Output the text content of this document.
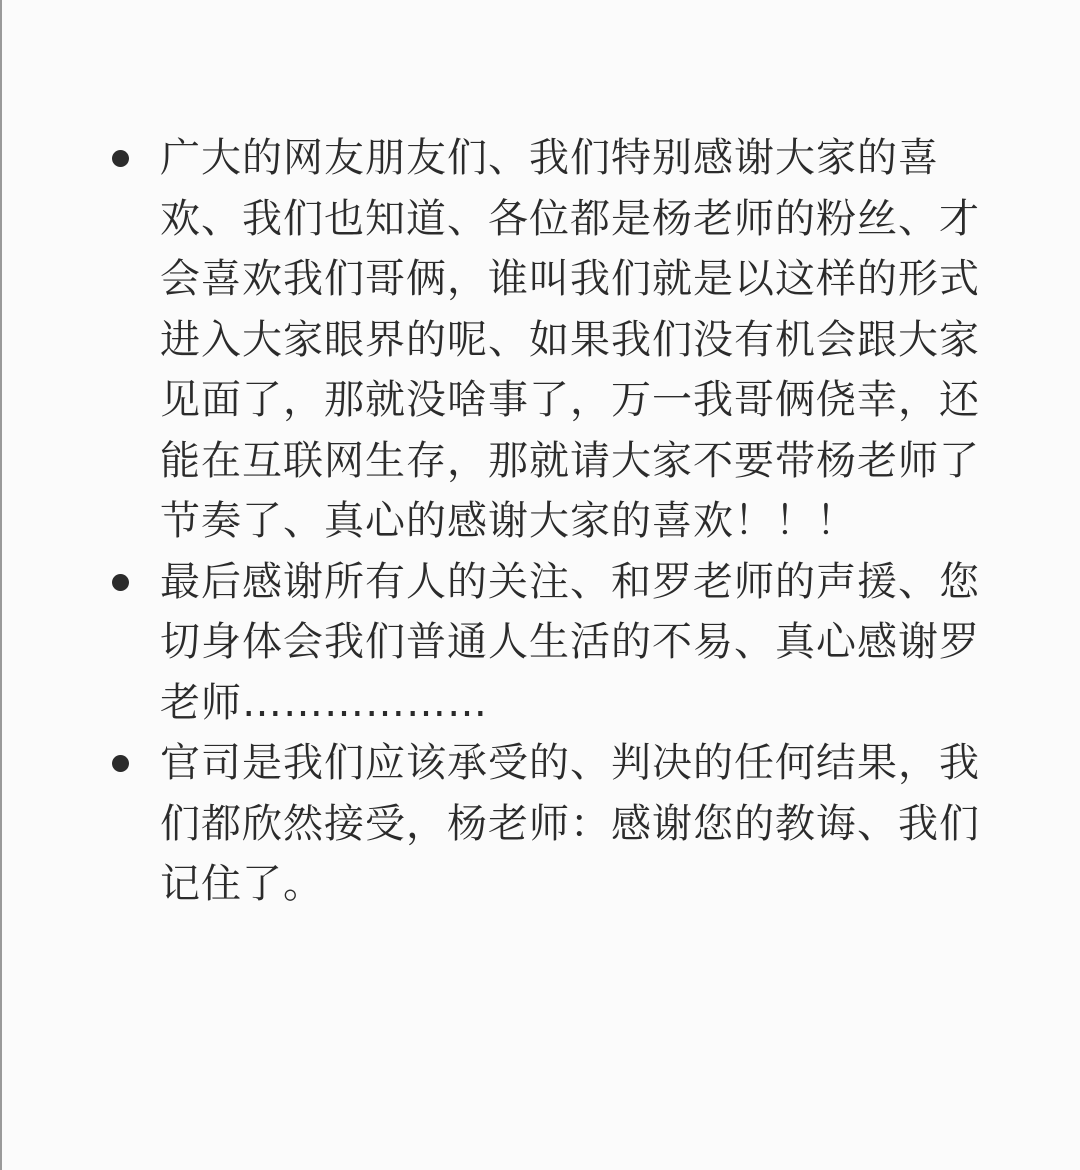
广大的网友朋友们、我们特别感谢大家的喜欢、我们也知道、各位都是杨老师的粉丝、才会喜欢我们哥俩，谁叫我们就是以这样的形式进入大家眼界的呢、如果我们没有机会跟大家见面了，那就没啥事了，万一我哥俩侥幸，还能在互联网生存，那就请大家不要带杨老师了节奏了、真心的感谢大家的喜欢！！！
最后感谢所有人的关注、和罗老师的声援、您切身体会我们普通人生活的不易、真心感谢罗老师………………
官司是我们应该承受的、判决的任何结果，我们都欣然接受，杨老师：感谢您的教诲、我们记住了。
